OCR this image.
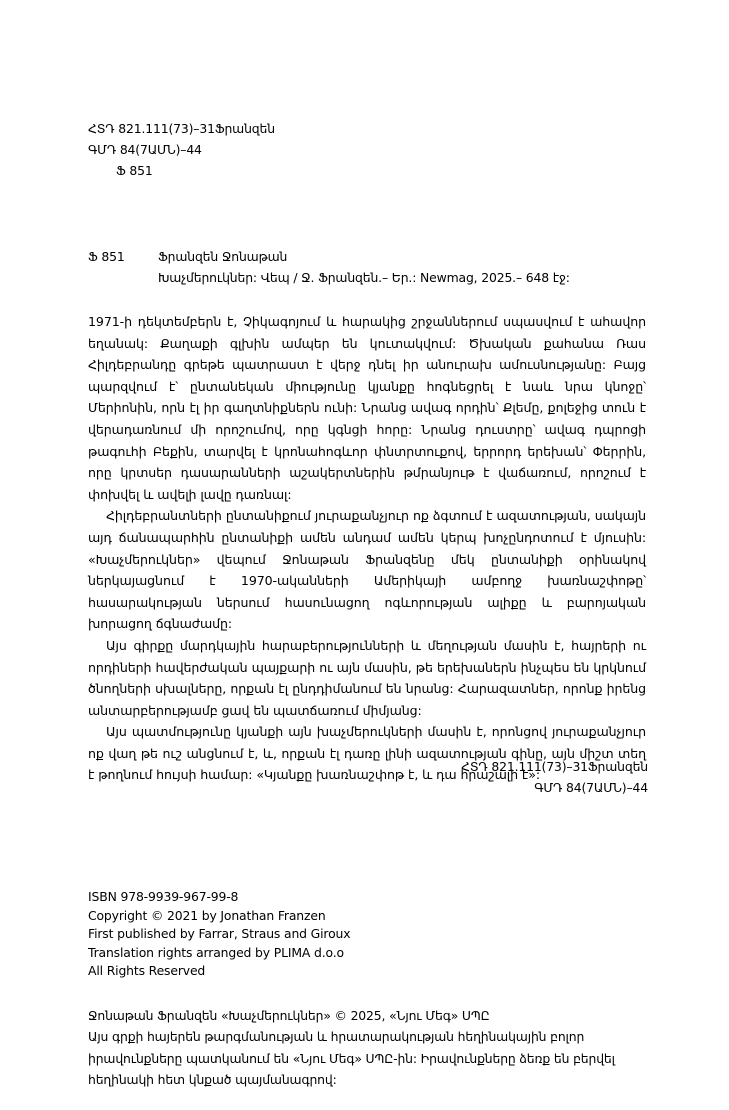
ՀՏԴ 821.111(73)–31Ֆրանզեն
ԳՄԴ 84(7ԱՄՆ)–44
Ֆ 851
Ֆ 851	Ֆրանզեն Ջոնաթան
Խաչմերուկներ: Վեպ / Ջ. Ֆրանզեն.– Եր.: Newmag, 2025.– 648 էջ:

1971-ի դեկտեմբերն է, Չիկագոյում և հարակից շրջաններում սպասվում է ահավոր եղանակ: Քաղաքի գլխին ամպեր են կուտակվում: Ծխական քահանա Ռաս Հիլդեբրանդը գրեթե պատրաստ է վերջ դնել իր անուրախ ամուսնությանը: Բայց պարզվում է՝ ընտանեկան միությունը կյանքը հոգնեցրել է նաև նրա կնոջը՝ Մերիոնին, որն էլ իր գաղտնիքներն ունի: Նրանց ավագ որդին՝ Քլեմը, քոլեջից տուն է վերադառնում մի որոշումով, որը կգնցի հորը: Նրանց դուստրը՝ ավագ դպրոցի թագուհի Բեքին, տարվել է կրոնահոգևոր փնտրտուքով, երրորդ երեխան՝ Փերրին, որը կրտսեր դասարանների աշակերտներին թմրանյութ է վաճառում, որոշում է փոխվել և ավելի լավը դառնալ:

Հիլդեբրանտների ընտանիքում յուրաքանչյուր ոք ձգտում է ազատության, սակայն այդ ճանապարհին ընտանիքի ամեն անդամ ամեն կերպ խոչընդոտում է մյուսին: «Խաչմերուկներ» վեպում Ջոնաթան Ֆրանզենը մեկ ընտանիքի օրինակով ներկայացնում է 1970-ականների Ամերիկայի ամբողջ խառնաշփոթը՝ հասարակության ներսում հասունացող ոգևորության ալիքը և բարոյական խորացող ճգնաժամը:

Այս գիրքը մարդկային հարաբերությունների և մեղության մասին է, հայրերի ու որդիների հավերժական պայքարի ու այն մասին, թե երեխաներն ինչպես են կրկնում ծնողների սխալները, որքան էլ ընդդիմանում են նրանց: Հարազատներ, որոնք իրենց անտարբերությամբ ցավ են պատճառում միմյանց:

Այս պատմությունը կյանքի այն խաչմերուկների մասին է, որոնցով յուրաքանչյուր ոք վաղ թե ուշ անցնում է, և, որքան էլ դառը լինի ազատության գինը, այն միշտ տեղ է թողնում հույսի համար: «Կյանքը խառնաշփոթ է, և դա հրաշալի է»:

ՀՏԴ 821.111(73)–31Ֆրանզեն
ԳՄԴ 84(7ԱՄՆ)–44
ISBN 978-9939-967-99-8
Copyright © 2021 by Jonathan Franzen
First published by Farrar, Straus and Giroux
Translation rights arranged by PLIMA d.o.o
All Rights Reserved
Ջոնաթան Ֆրանզեն «Խաչմերուկներ» © 2025, «Նյու Մեգ» ՍՊԸ
Այս գրքի հայերեն թարգմանության և հրատարակության հեղինակային բոլոր
իրավունքները պատկանում են «Նյու Մեգ» ՍՊԸ-ին: Իրավունքները ձեռք են բերվել
հեղինակի հետ կնքած պայմանագրով:
